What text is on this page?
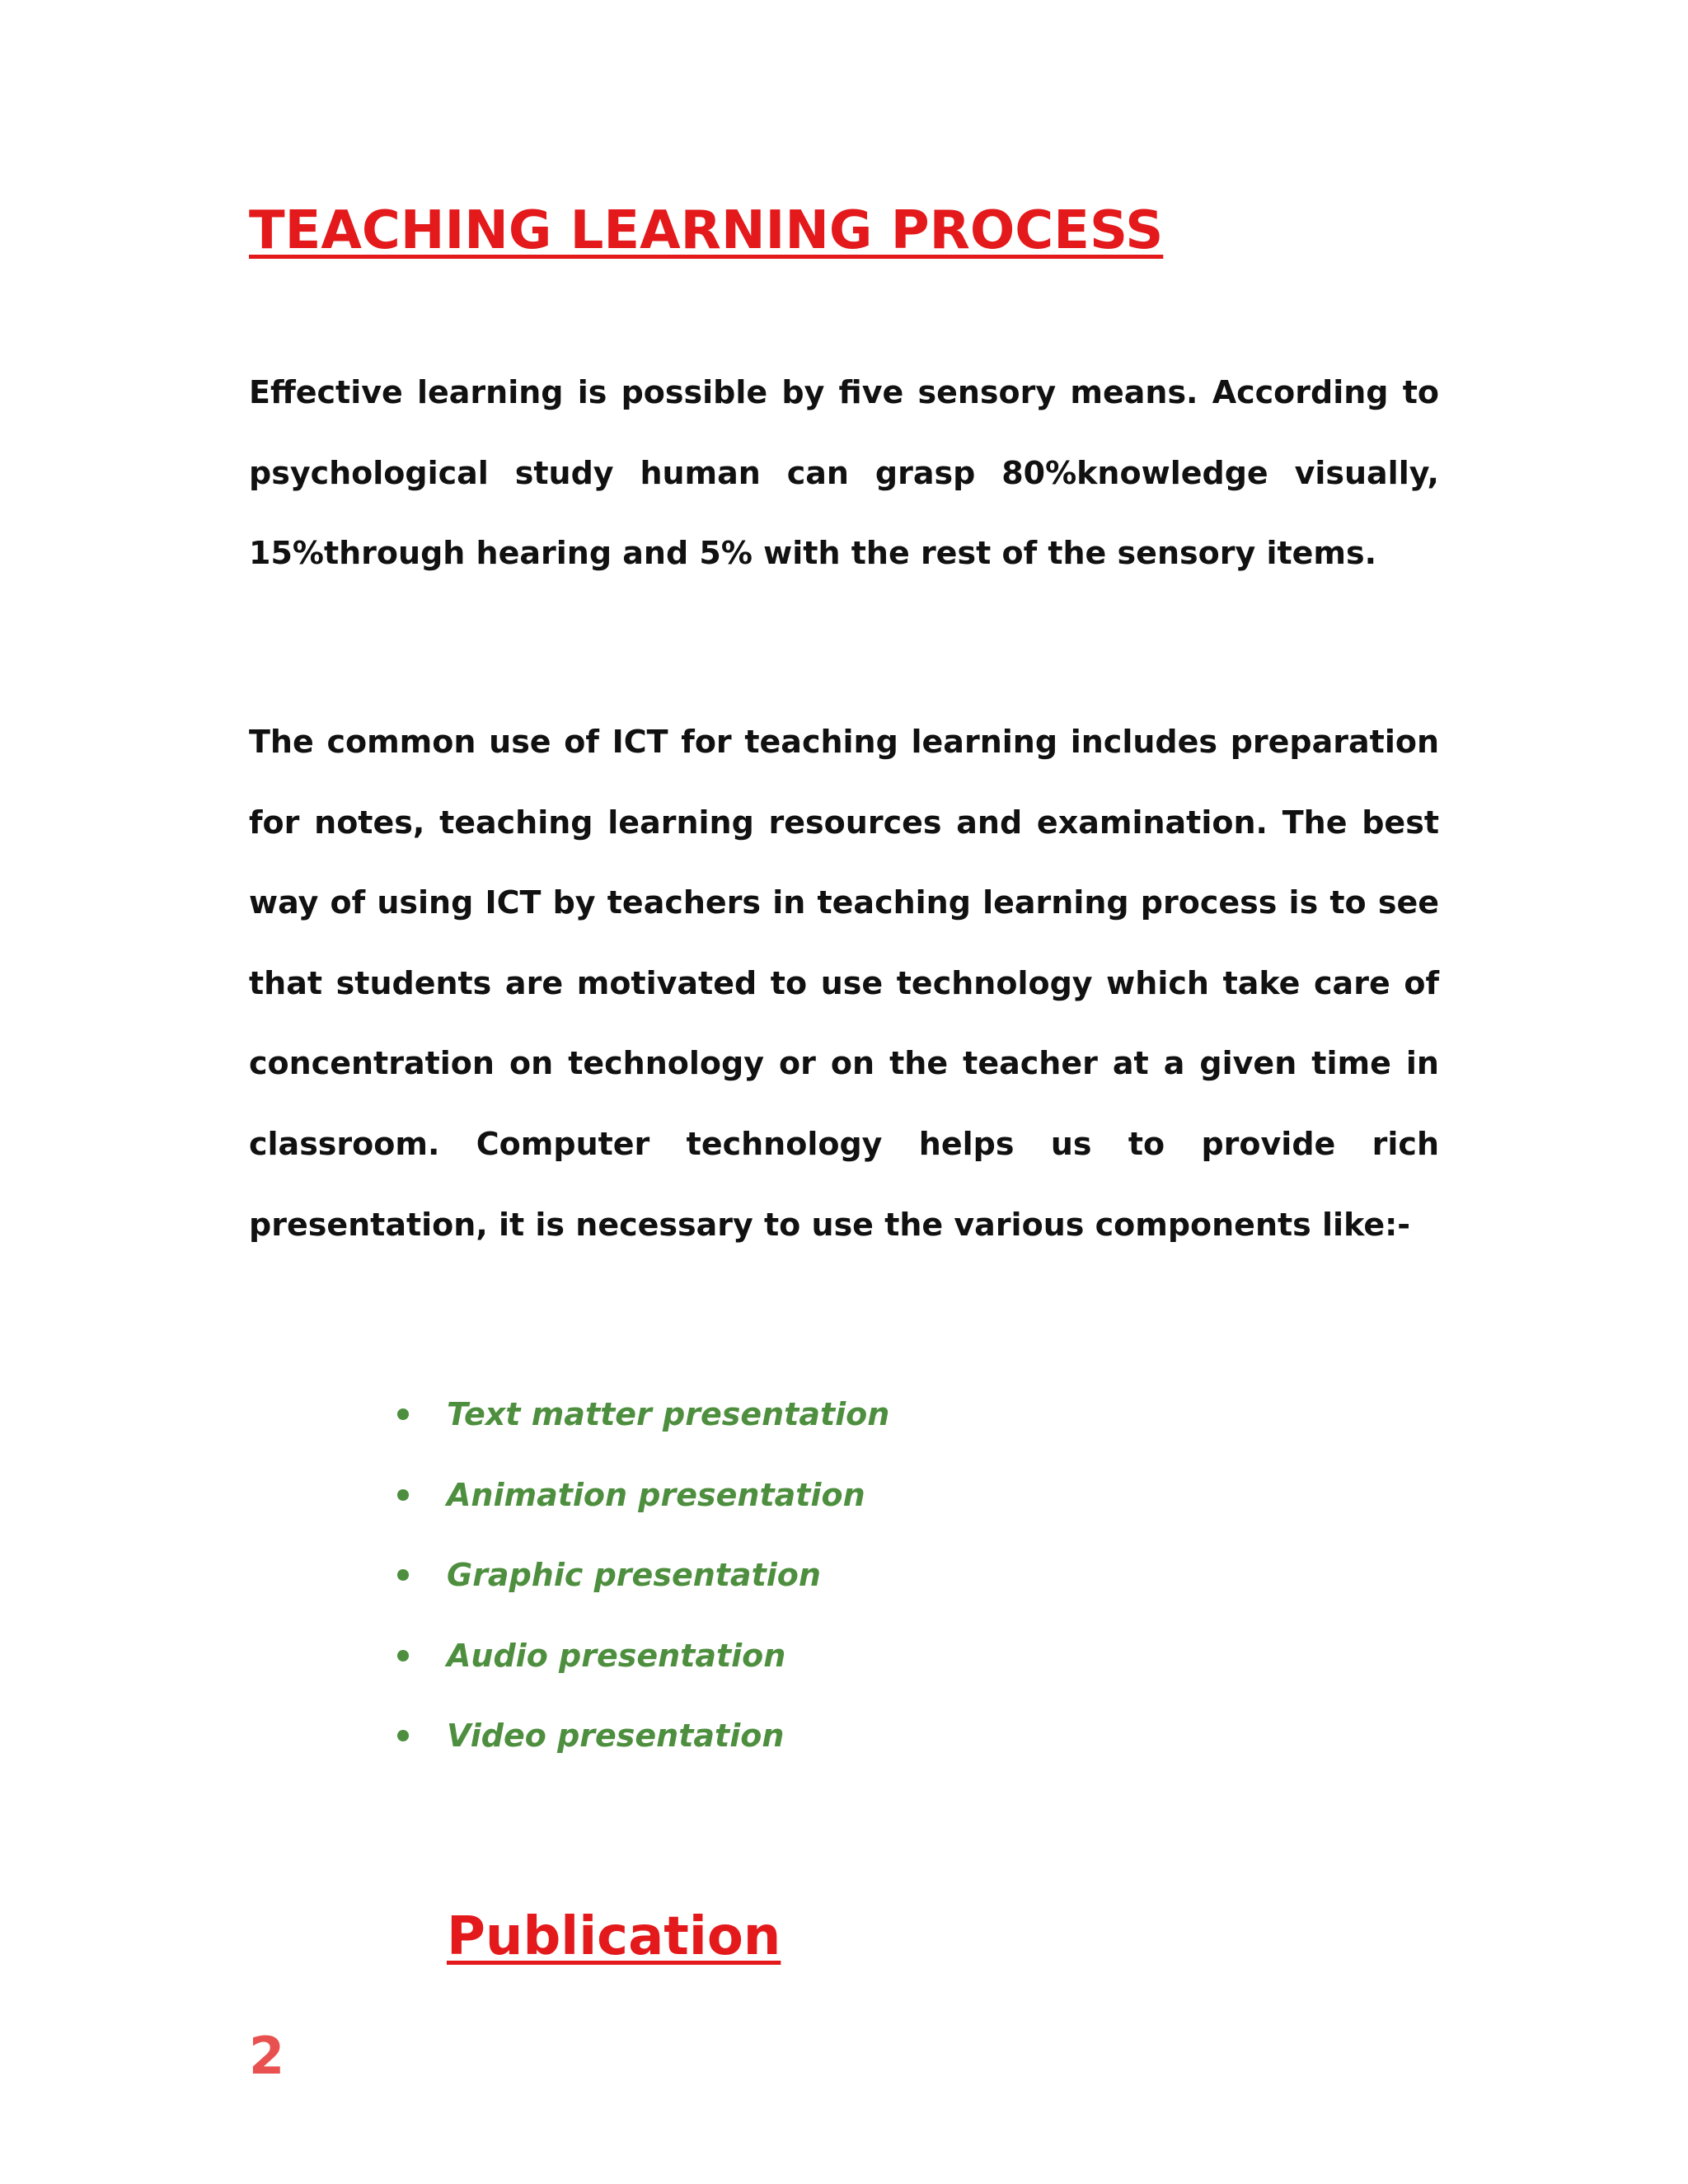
TEACHING LEARNING PROCESS

Effective learning is possible by five sensory means. According to psychological study human can grasp 80%knowledge visually, 15%through hearing and 5% with the rest of the sensory items.

The common use of ICT for teaching learning includes preparation for notes, teaching learning resources and examination. The best way of using ICT by teachers in teaching learning process is to see that students are motivated to use technology which take care of concentration on technology or on the teacher at a given time in classroom. Computer technology helps us to provide rich presentation, it is necessary to use the various components like:-

Text matter presentation
Animation presentation
Graphic presentation
Audio presentation
Video presentation
Publication
2
